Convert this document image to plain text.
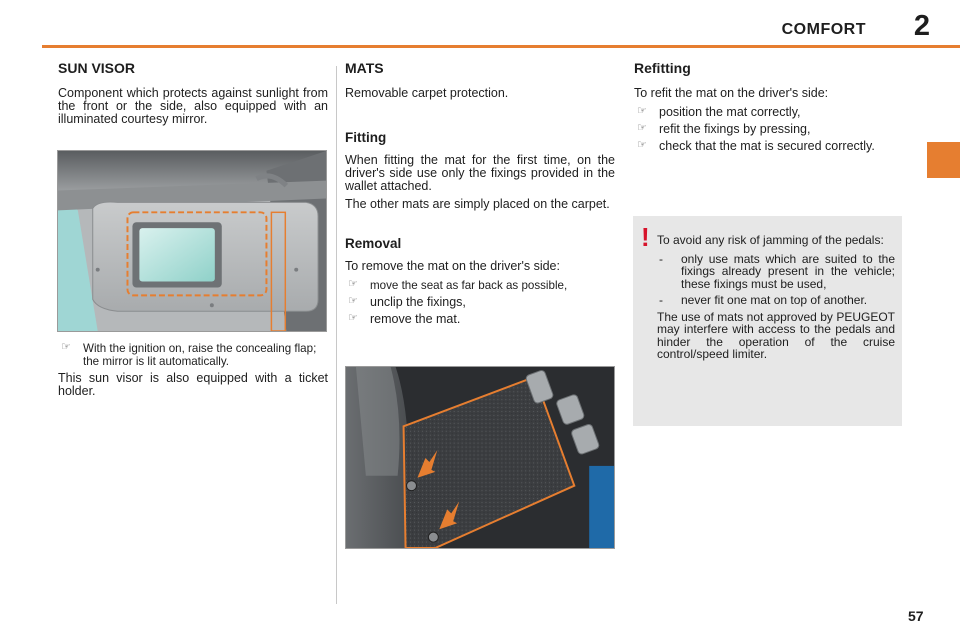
COMFORT 2
SUN VISOR

Component which protects against sunlight from the front or the side, also equipped with an illuminated courtesy mirror.

☞ With the ignition on, raise the concealing flap; the mirror is lit automatically.

This sun visor is also equipped with a ticket holder.

MATS

Removable carpet protection.

Fitting

When fitting the mat for the first time, on the driver's side use only the fixings provided in the wallet attached.

The other mats are simply placed on the carpet.

Removal

To remove the mat on the driver's side:

☞ move the seat as far back as possible,
☞ unclip the fixings,
☞ remove the mat.
Refitting

To refit the mat on the driver's side:

☞ position the mat correctly,
☞ refit the fixings by pressing,
☞ check that the mat is secured correctly.

To avoid any risk of jamming of the pedals:

- only use mats which are suited to the fixings already present in the vehicle; these fixings must be used,
- never fit one mat on top of another.

The use of mats not approved by PEUGEOT may interfere with access to the pedals and hinder the operation of the cruise control/speed limiter.

!
57
